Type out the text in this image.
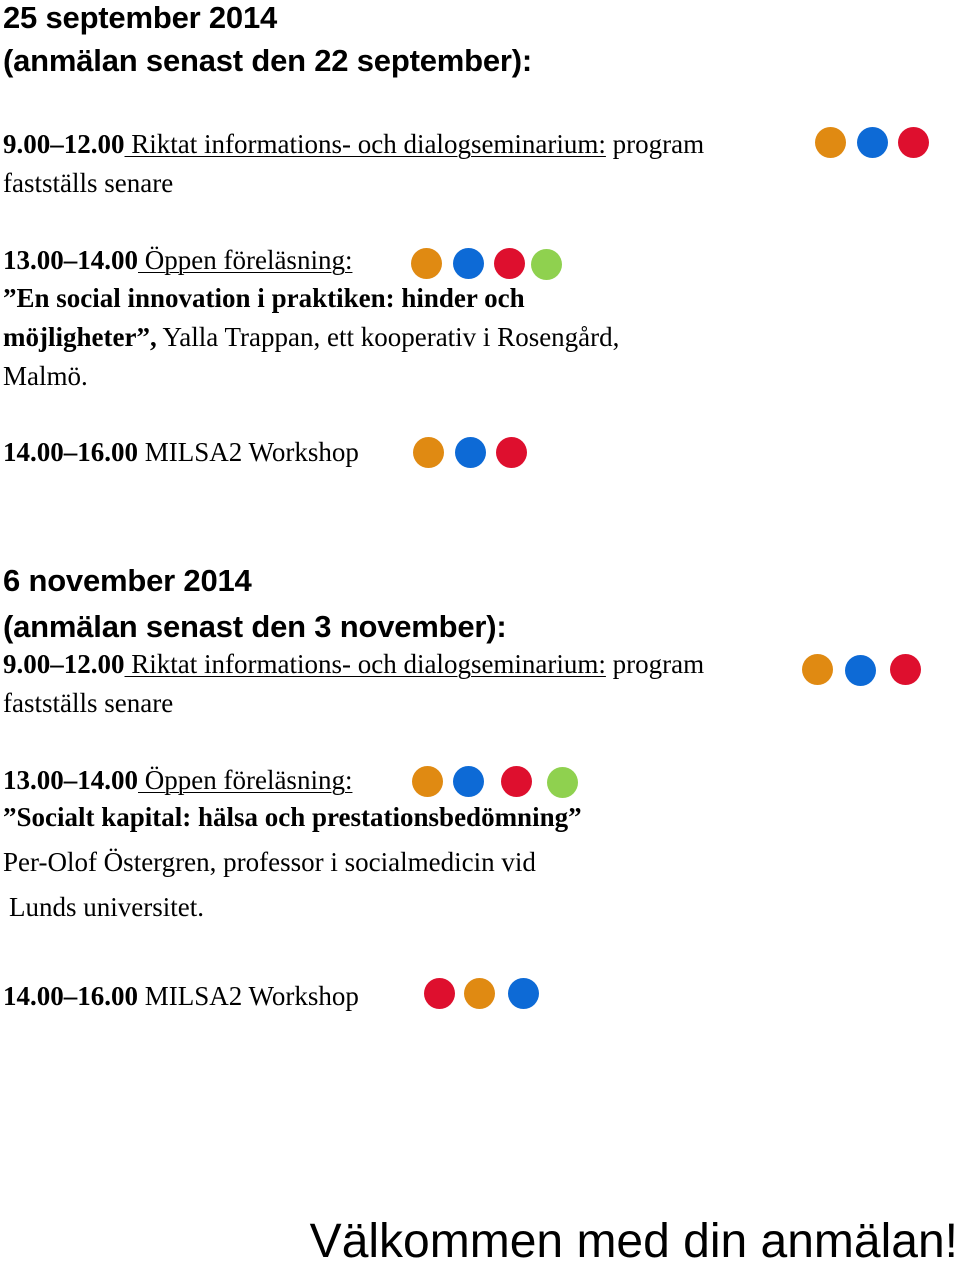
25 september 2014
(anmälan senast den 22 september):
9.00–12.00 Riktat informations- och dialogseminarium: program
fastställs senare
13.00–14.00 Öppen föreläsning:
”En social innovation i praktiken: hinder och
möjligheter”, Yalla Trappan, ett kooperativ i Rosengård,
Malmö.
14.00–16.00 MILSA2 Workshop
6 november 2014
(anmälan senast den 3 november):
9.00–12.00 Riktat informations- och dialogseminarium: program
fastställs senare
13.00–14.00 Öppen föreläsning:
”Socialt kapital: hälsa och prestationsbedömning”
Per-Olof Östergren, professor i socialmedicin vid
Lunds universitet.
14.00–16.00 MILSA2 Workshop
Välkommen med din anmälan!
